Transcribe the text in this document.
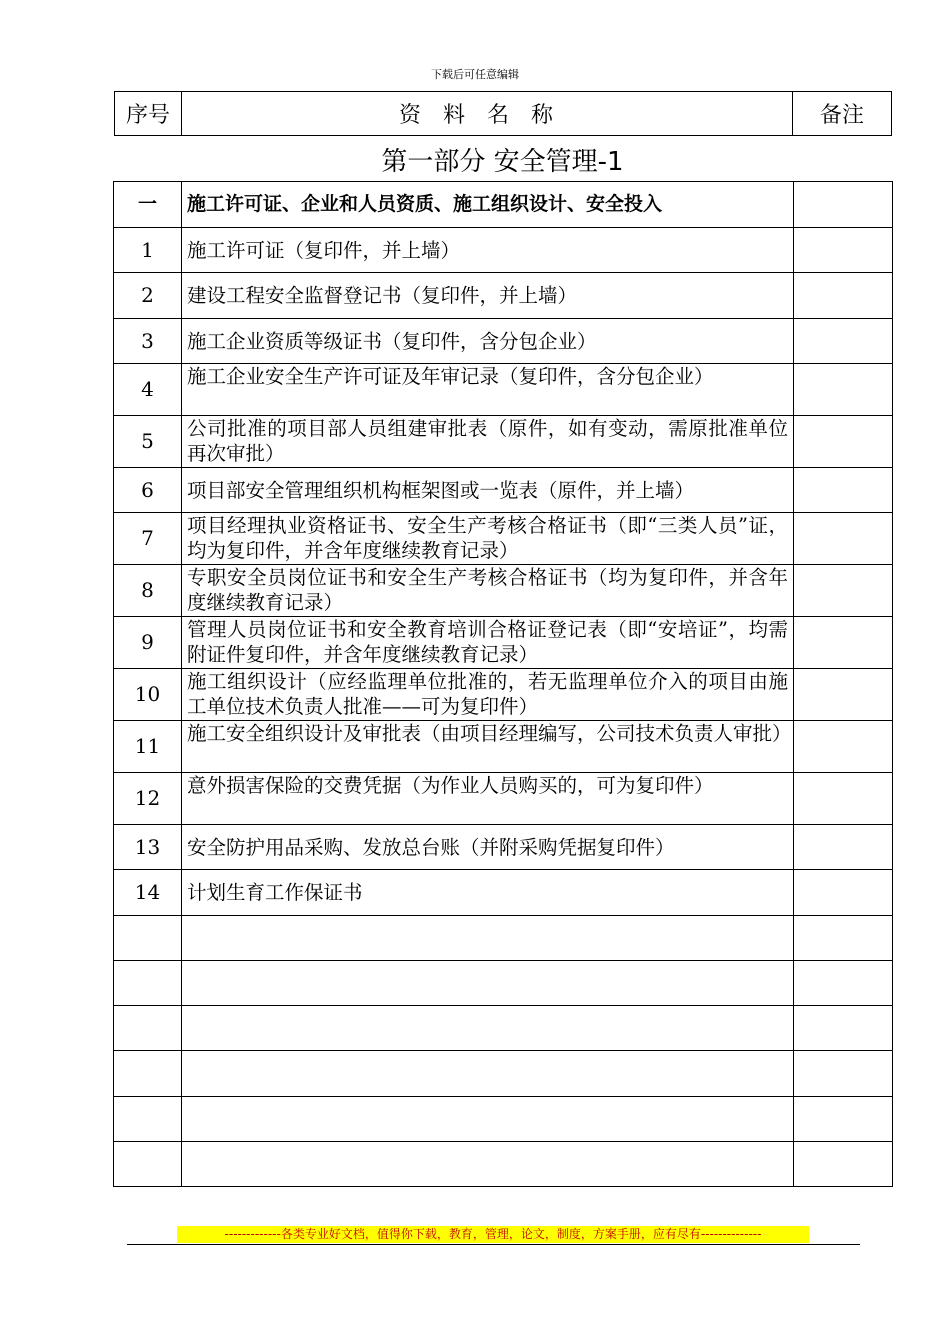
下载后可任意编辑
序号	资料名称	备注
第一部分 安全管理-1
一	施工许可证、企业和人员资质、施工组织设计、安全投入	
1	施工许可证（复印件，并上墙）	
2	建设工程安全监督登记书（复印件，并上墙）	
3	施工企业资质等级证书（复印件，含分包企业）	
4	施工企业安全生产许可证及年审记录（复印件，含分包企业）	
5	公司批准的项目部人员组建审批表（原件，如有变动，需原批准单位再次审批）	
6	项目部安全管理组织机构框架图或一览表（原件，并上墙）	
7	项目经理执业资格证书、安全生产考核合格证书（即“三类人员”证，均为复印件，并含年度继续教育记录）	
8	专职安全员岗位证书和安全生产考核合格证书（均为复印件，并含年度继续教育记录）	
9	管理人员岗位证书和安全教育培训合格证登记表（即“安培证”，均需附证件复印件，并含年度继续教育记录）	
10	施工组织设计（应经监理单位批准的，若无监理单位介入的项目由施工单位技术负责人批准——可为复印件）	
11	施工安全组织设计及审批表（由项目经理编写，公司技术负责人审批）	
12	意外损害保险的交费凭据（为作业人员购买的，可为复印件）	
13	安全防护用品采购、发放总台账（并附采购凭据复印件）	
14	计划生育工作保证书	

-------------各类专业好文档，值得你下载，教育，管理，论文，制度，方案手册，应有尽有--------------
